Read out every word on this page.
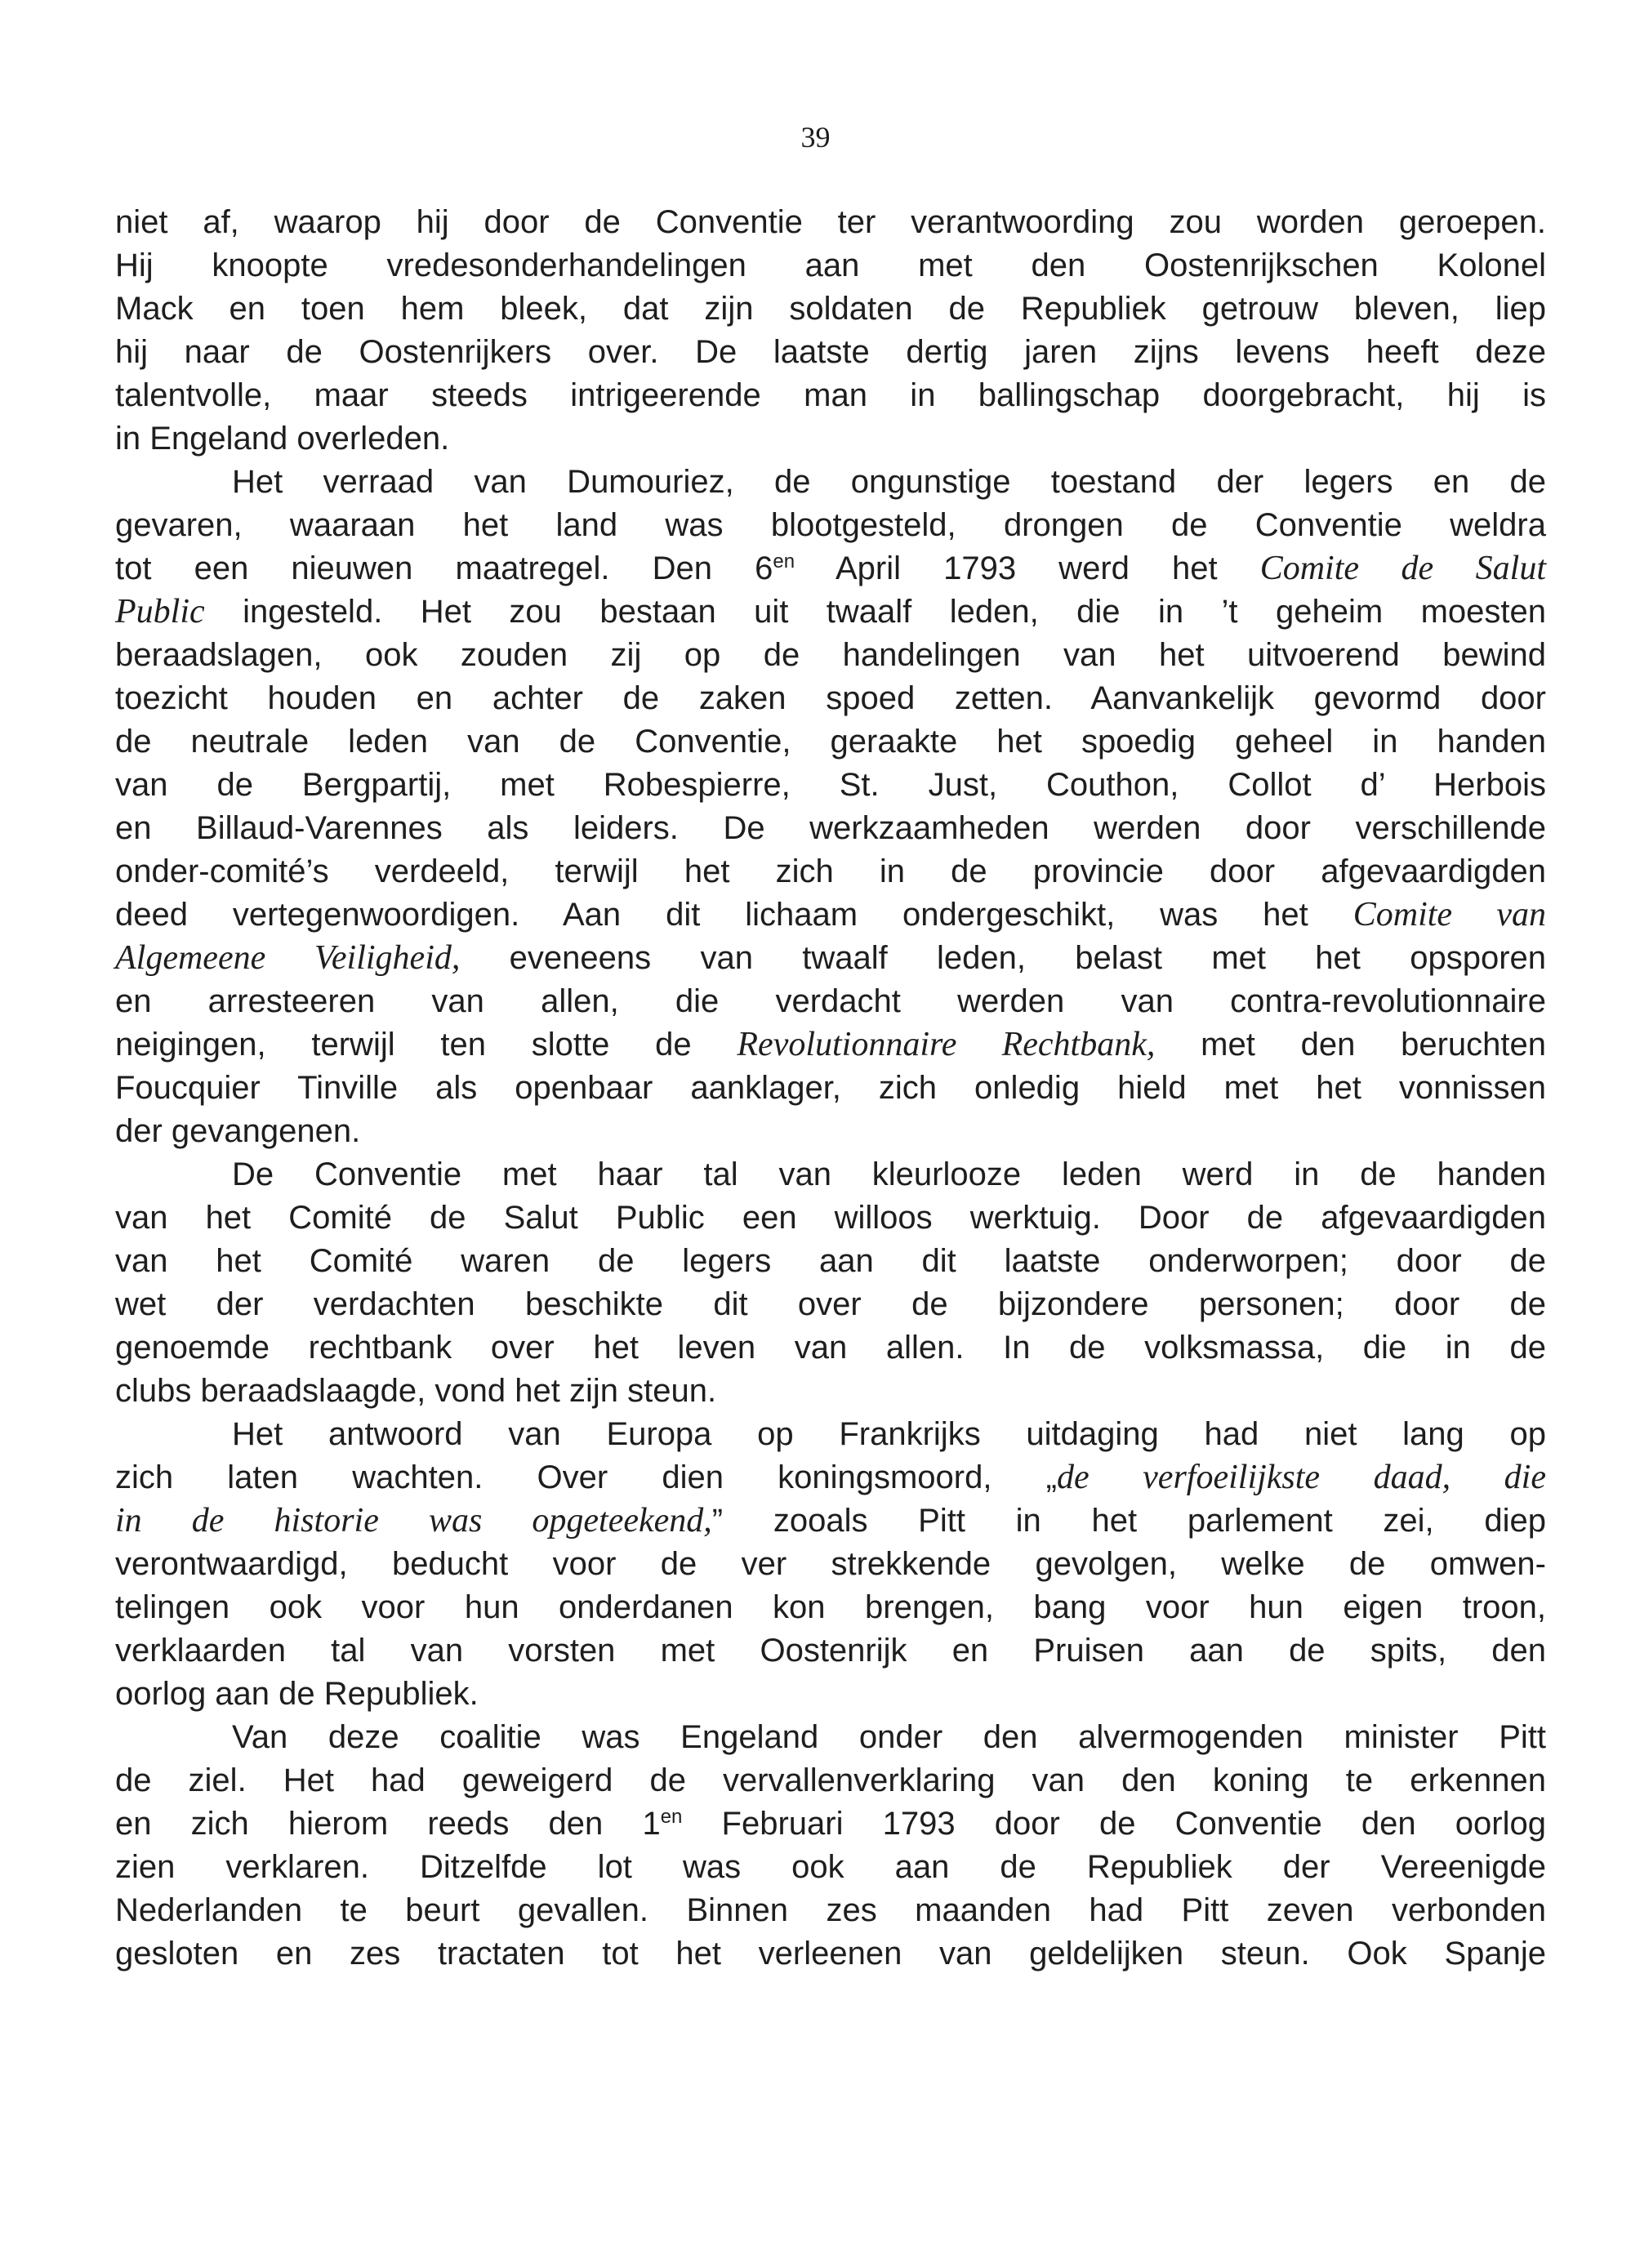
39
niet af, waarop hij door de Conventie ter verantwoording zou worden geroepen.
Hij knoopte vredesonderhandelingen aan met den Oostenrijkschen Kolonel
Mack en toen hem bleek, dat zijn soldaten de Republiek getrouw bleven, liep
hij naar de Oostenrijkers over. De laatste dertig jaren zijns levens heeft deze
talentvolle, maar steeds intrigeerende man in ballingschap doorgebracht, hij is
in Engeland overleden.
Het verraad van Dumouriez, de ongunstige toestand der legers en de
gevaren, waaraan het land was blootgesteld, drongen de Conventie weldra
tot een nieuwen maatregel. Den $6^{en}$ April 1793 werd het Comite de Salut
Public ingesteld. Het zou bestaan uit twaalf leden, die in ’t geheim moesten
beraadslagen, ook zouden zij op de handelingen van het uitvoerend bewind
toezicht houden en achter de zaken spoed zetten. Aanvankelijk gevormd door
de neutrale leden van de Conventie, geraakte het spoedig geheel in handen
van de Bergpartij, met Robespierre, St. Just, Couthon, Collot d’ Herbois
en Billaud-Varennes als leiders. De werkzaamheden werden door verschillende
onder-comité’s verdeeld, terwijl het zich in de provincie door afgevaardigden
deed vertegenwoordigen. Aan dit lichaam ondergeschikt, was het Comite van
Algemeene Veiligheid, eveneens van twaalf leden, belast met het opsporen
en arresteeren van allen, die verdacht werden van contra-revolutionnaire
neigingen, terwijl ten slotte de Revolutionnaire Rechtbank, met den beruchten
Foucquier Tinville als openbaar aanklager, zich onledig hield met het vonnissen
der gevangenen.
De Conventie met haar tal van kleurlooze leden werd in de handen
van het Comité de Salut Public een willoos werktuig. Door de afgevaardigden
van het Comité waren de legers aan dit laatste onderworpen; door de
wet der verdachten beschikte dit over de bijzondere personen; door de
genoemde rechtbank over het leven van allen. In de volksmassa, die in de
clubs beraadslaagde, vond het zijn steun.
Het antwoord van Europa op Frankrijks uitdaging had niet lang op
zich laten wachten. Over dien koningsmoord, „de verfoeilijkste daad, die
in de historie was opgeteekend,” zooals Pitt in het parlement zei, diep
verontwaardigd, beducht voor de ver strekkende gevolgen, welke de omwen-
telingen ook voor hun onderdanen kon brengen, bang voor hun eigen troon,
verklaarden tal van vorsten met Oostenrijk en Pruisen aan de spits, den
oorlog aan de Republiek.
Van deze coalitie was Engeland onder den alvermogenden minister Pitt
de ziel. Het had geweigerd de vervallenverklaring van den koning te erkennen
en zich hierom reeds den $1^{en}$ Februari 1793 door de Conventie den oorlog
zien verklaren. Ditzelfde lot was ook aan de Republiek der Vereenigde
Nederlanden te beurt gevallen. Binnen zes maanden had Pitt zeven verbonden
gesloten en zes tractaten tot het verleenen van geldelijken steun. Ook Spanje
